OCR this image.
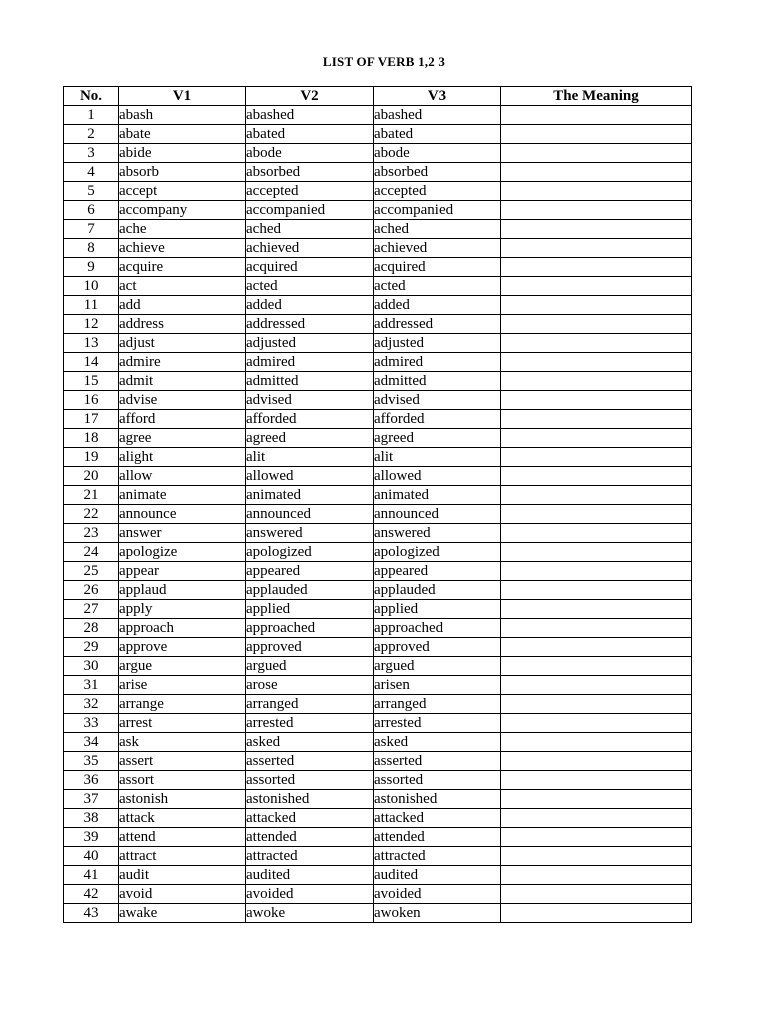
LIST OF VERB 1,2 3
No.	V1	V2	V3	The Meaning
1	abash	abashed	abashed	
2	abate	abated	abated	
3	abide	abode	abode	
4	absorb	absorbed	absorbed	
5	accept	accepted	accepted	
6	accompany	accompanied	accompanied	
7	ache	ached	ached	
8	achieve	achieved	achieved	
9	acquire	acquired	acquired	
10	act	acted	acted	
11	add	added	added	
12	address	addressed	addressed	
13	adjust	adjusted	adjusted	
14	admire	admired	admired	
15	admit	admitted	admitted	
16	advise	advised	advised	
17	afford	afforded	afforded	
18	agree	agreed	agreed	
19	alight	alit	alit	
20	allow	allowed	allowed	
21	animate	animated	animated	
22	announce	announced	announced	
23	answer	answered	answered	
24	apologize	apologized	apologized	
25	appear	appeared	appeared	
26	applaud	applauded	applauded	
27	apply	applied	applied	
28	approach	approached	approached	
29	approve	approved	approved	
30	argue	argued	argued	
31	arise	arose	arisen	
32	arrange	arranged	arranged	
33	arrest	arrested	arrested	
34	ask	asked	asked	
35	assert	asserted	asserted	
36	assort	assorted	assorted	
37	astonish	astonished	astonished	
38	attack	attacked	attacked	
39	attend	attended	attended	
40	attract	attracted	attracted	
41	audit	audited	audited	
42	avoid	avoided	avoided	
43	awake	awoke	awoken	
